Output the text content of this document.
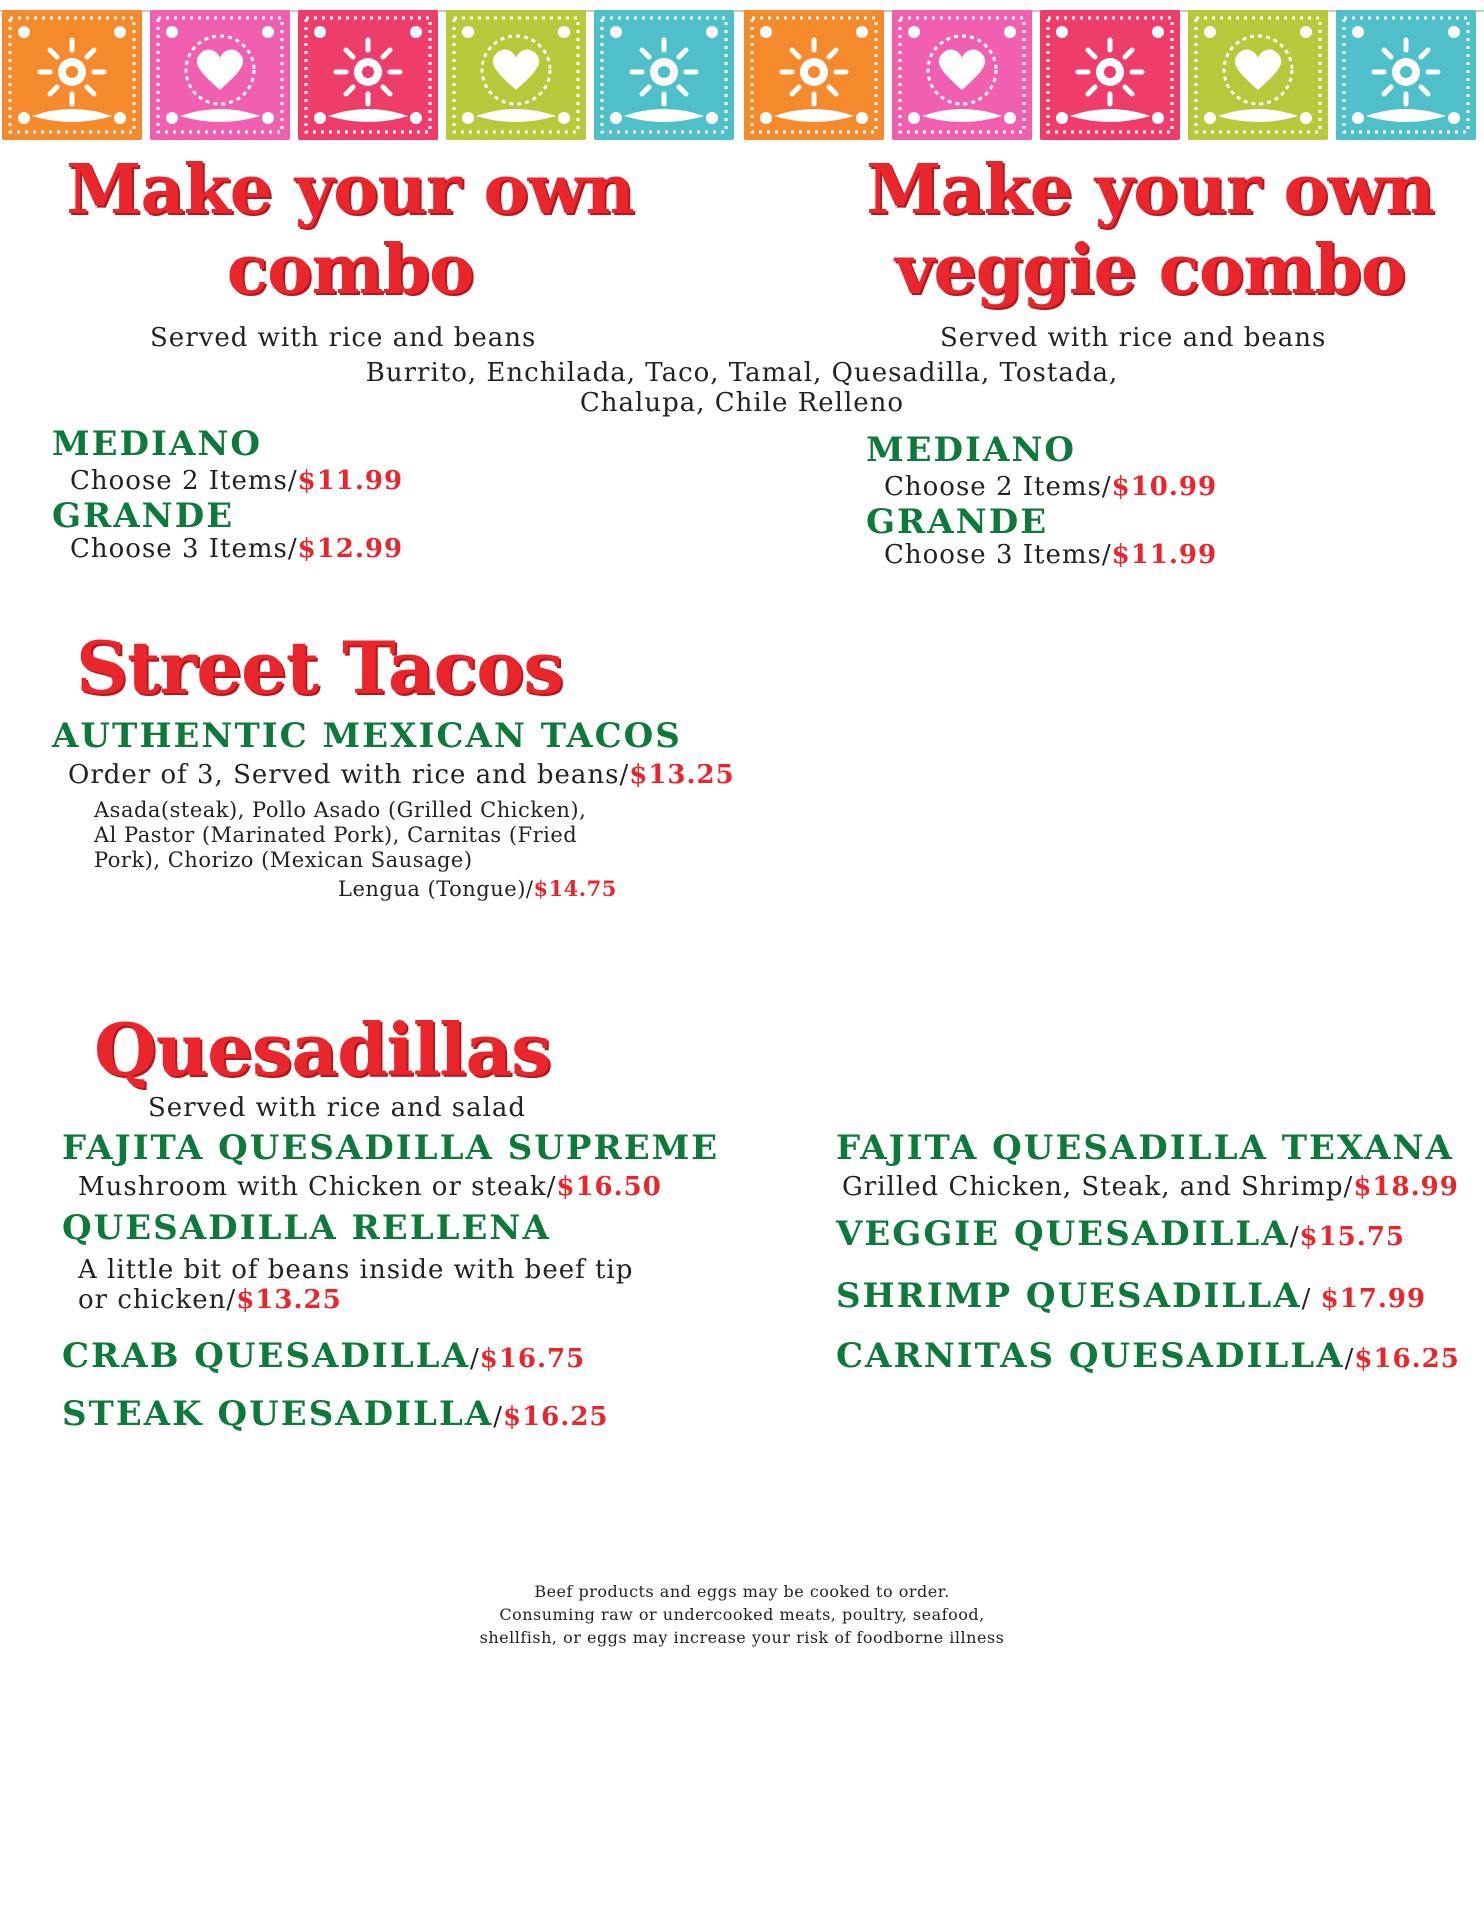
Make your own
combo
Served with rice and beans
Make your own
veggie combo
Served with rice and beans
Burrito, Enchilada, Taco, Tamal, Quesadilla, Tostada,
Chalupa, Chile Relleno
MEDIANO
Choose 2 Items/$11.99
GRANDE
Choose 3 Items/$12.99
MEDIANO
Choose 2 Items/$10.99
GRANDE
Choose 3 Items/$11.99
Street Tacos
AUTHENTIC MEXICAN TACOS
Order of 3, Served with rice and beans/$13.25
Asada(steak), Pollo Asado (Grilled Chicken),
Al Pastor (Marinated Pork), Carnitas (Fried
Pork), Chorizo (Mexican Sausage)
Lengua (Tongue)/$14.75
Quesadillas
Served with rice and salad
FAJITA QUESADILLA SUPREME
Mushroom with Chicken or steak/$16.50
QUESADILLA RELLENA
A little bit of beans inside with beef tip
or chicken/$13.25
CRAB QUESADILLA/$16.75
STEAK QUESADILLA/$16.25
FAJITA QUESADILLA TEXANA
Grilled Chicken, Steak, and Shrimp/$18.99
VEGGIE QUESADILLA/$15.75
SHRIMP QUESADILLA/ $17.99
CARNITAS QUESADILLA/$16.25
Beef products and eggs may be cooked to order.
Consuming raw or undercooked meats, poultry, seafood,
shellfish, or eggs may increase your risk of foodborne illness
